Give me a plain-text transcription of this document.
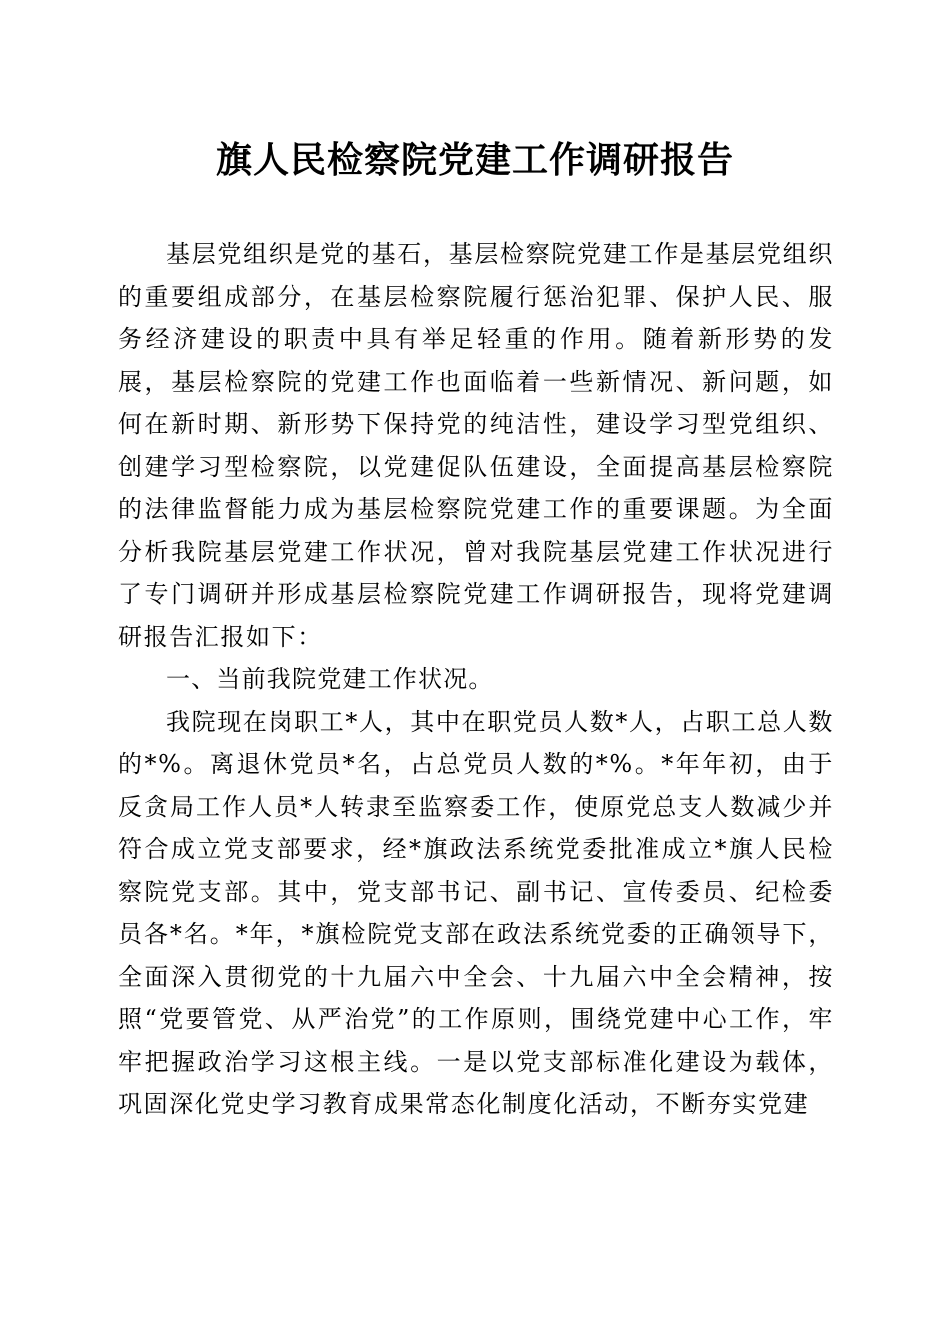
旗人民检察院党建工作调研报告

基层党组织是党的基石，基层检察院党建工作是基层党组织的重要组成部分，在基层检察院履行惩治犯罪、保护人民、服务经济建设的职责中具有举足轻重的作用。随着新形势的发展，基层检察院的党建工作也面临着一些新情况、新问题，如何在新时期、新形势下保持党的纯洁性，建设学习型党组织、创建学习型检察院，以党建促队伍建设，全面提高基层检察院的法律监督能力成为基层检察院党建工作的重要课题。为全面分析我院基层党建工作状况，曾对我院基层党建工作状况进行了专门调研并形成基层检察院党建工作调研报告，现将党建调研报告汇报如下：

一、当前我院党建工作状况。

我院现在岗职工*人，其中在职党员人数*人，占职工总人数的*%。离退休党员*名，占总党员人数的*%。*年年初，由于反贪局工作人员*人转隶至监察委工作，使原党总支人数减少并符合成立党支部要求，经*旗政法系统党委批准成立*旗人民检察院党支部。其中，党支部书记、副书记、宣传委员、纪检委员各*名。*年，*旗检院党支部在政法系统党委的正确领导下，全面深入贯彻党的十九届六中全会、十九届六中全会精神，按照“党要管党、从严治党”的工作原则，围绕党建中心工作，牢牢把握政治学习这根主线。一是以党支部标准化建设为载体，巩固深化党史学习教育成果常态化制度化活动，不断夯实党建
